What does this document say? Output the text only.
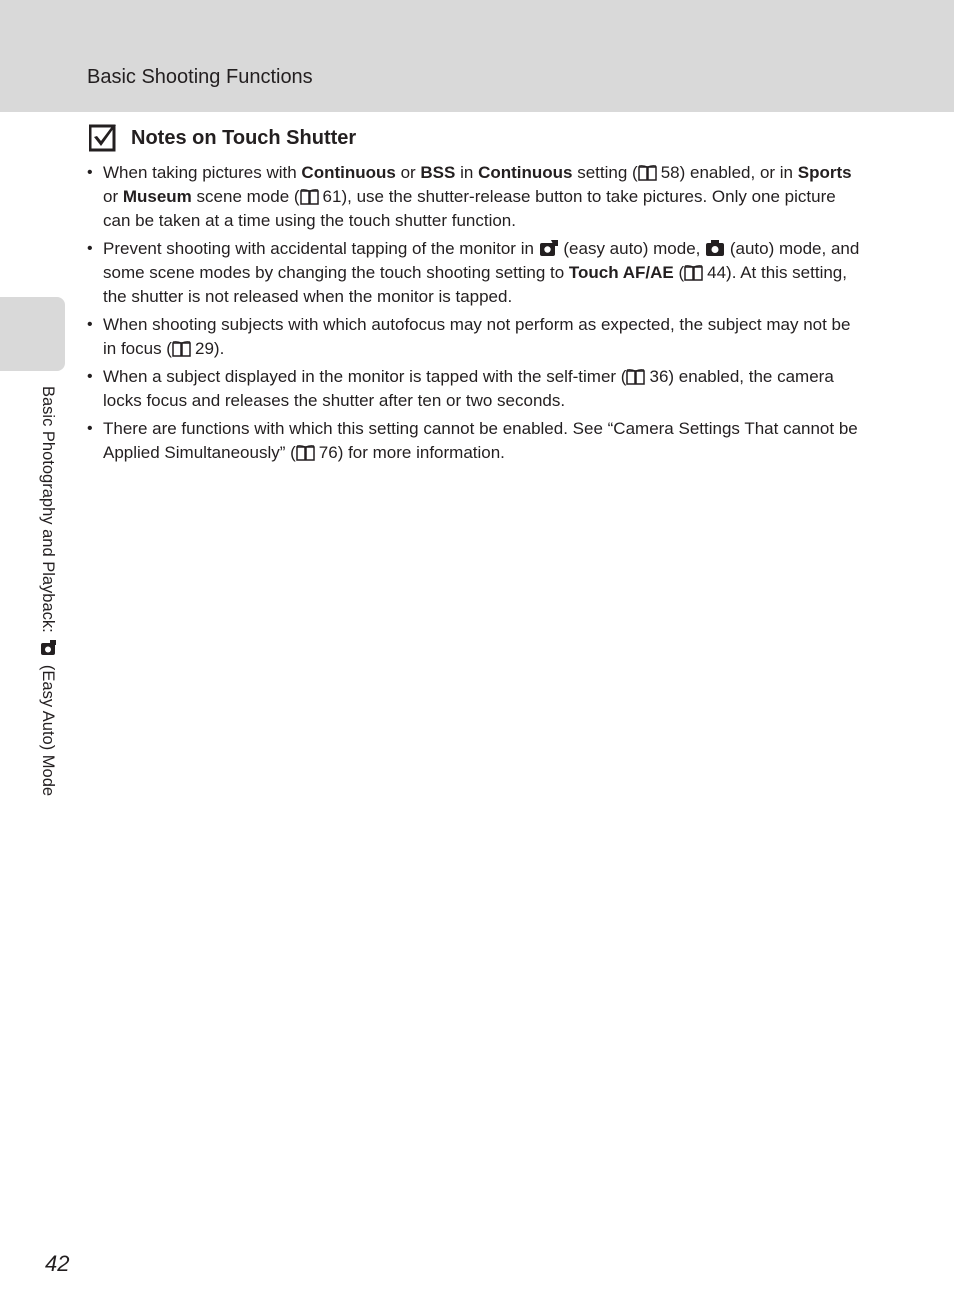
Basic Shooting Functions
Basic Photography and Playback:  (Easy Auto) Mode
Notes on Touch Shutter
• When taking pictures with Continuous or BSS in Continuous setting ( 58) enabled, or in Sports or Museum scene mode ( 61), use the shutter-release button to take pictures. Only one picture can be taken at a time using the touch shutter function.
• Prevent shooting with accidental tapping of the monitor in  (easy auto) mode,  (auto) mode, and some scene modes by changing the touch shooting setting to Touch AF/AE ( 44). At this setting, the shutter is not released when the monitor is tapped.
• When shooting subjects with which autofocus may not perform as expected, the subject may not be in focus ( 29).
• When a subject displayed in the monitor is tapped with the self-timer ( 36) enabled, the camera locks focus and releases the shutter after ten or two seconds.
• There are functions with which this setting cannot be enabled. See “Camera Settings That cannot be Applied Simultaneously” ( 76) for more information.
42
